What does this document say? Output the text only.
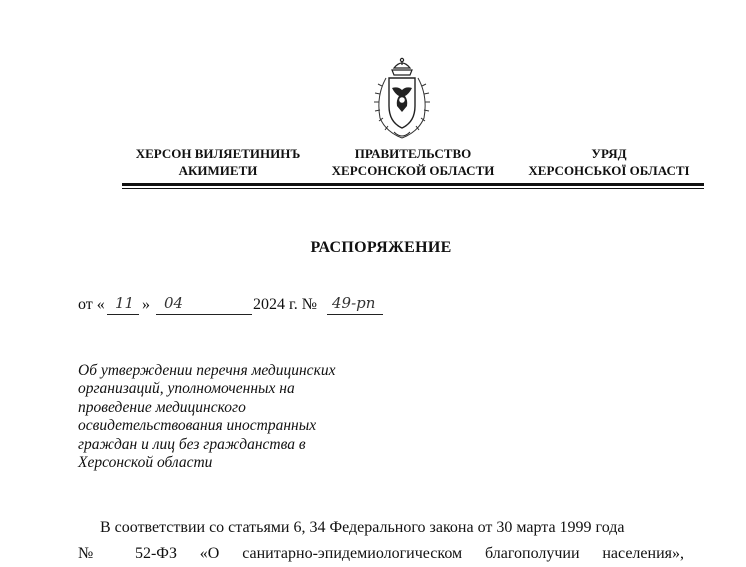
ХЕРСОН ВИЛЯЕТИНИНЪ
АКИМИЕТИ
ПРАВИТЕЛЬСТВО
ХЕРСОНСКОЙ ОБЛАСТИ
УРЯД
ХЕРСОНСЬКОЇ ОБЛАСТІ
РАСПОРЯЖЕНИЕ
от « 11 » 04	2024 г. № 49-рп
Об утверждении перечня медицинских
организаций, уполномоченных на
проведение медицинского
освидетельствования иностранных
граждан и лиц без гражданства в
Херсонской области
В соответствии со статьями 6, 34 Федерального закона от 30 марта 1999 года
№ 52-ФЗ «О санитарно-эпидемиологическом благополучии населения»,
